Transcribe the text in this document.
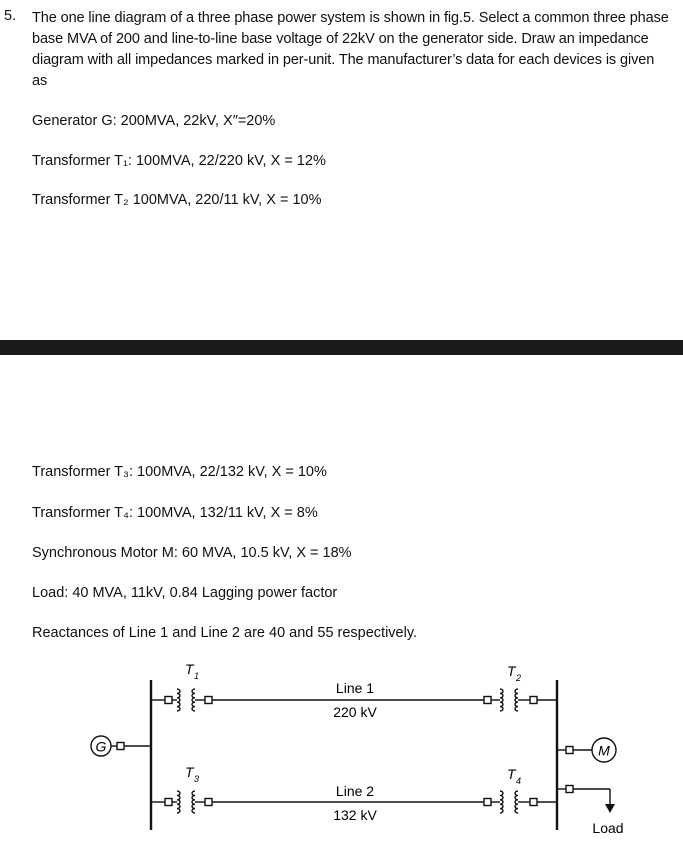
5. The one line diagram of a three phase power system is shown in fig.5. Select a common three phase base MVA of 200 and line-to-line base voltage of 22kV on the generator side. Draw an impedance diagram with all impedances marked in per-unit. The manufacturer’s data for each devices is given as
Generator G: 200MVA, 22kV, X″=20%
Transformer T₁: 100MVA, 22/220 kV, X = 12%
Transformer T₂ 100MVA, 220/11 kV, X = 10%
Transformer T₃: 100MVA, 22/132 kV, X = 10%
Transformer T₄: 100MVA, 132/11 kV, X = 8%
Synchronous Motor M: 60 MVA, 10.5 kV, X = 18%
Load: 40 MVA, 11kV, 0.84 Lagging power factor
Reactances of Line 1 and Line 2 are 40 and 55 respectively.
G	M
T 1	T 2
T 3	T 4
Line 1
220 kV
Line 2
132 kV
Load
